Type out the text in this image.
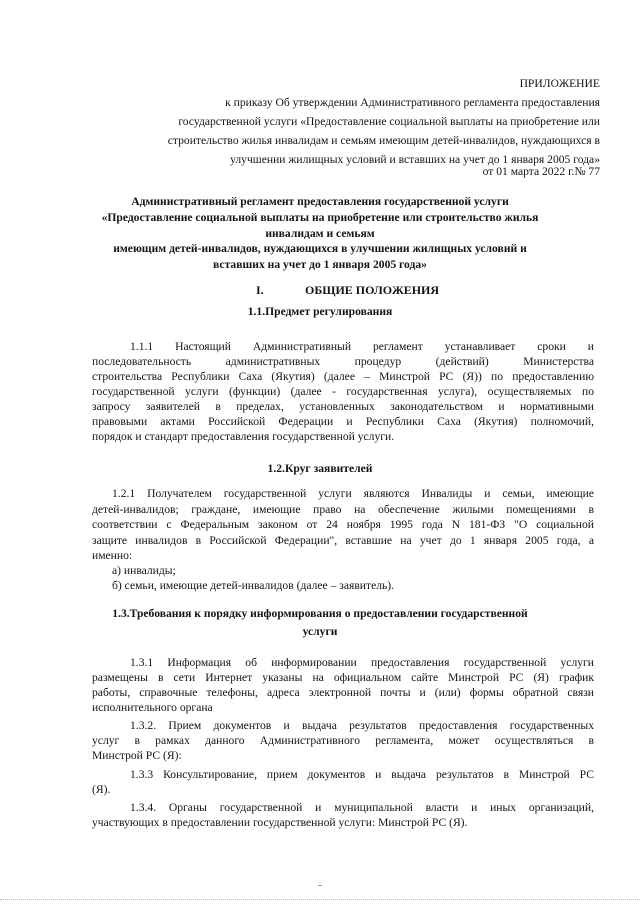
ПРИЛОЖЕНИЕ
к приказу Об утверждении Административного регламента предоставления
государственной услуги «Предоставление социальной выплаты на приобретение или
строительство жилья инвалидам и семьям имеющим детей-инвалидов, нуждающихся в
улучшении жилищных условий и вставших на учет до 1 января 2005 года»
от 01 марта 2022 г.№ 77
Административный регламент предоставления государственной услуги
«Предоставление социальной выплаты на приобретение или строительство жилья
инвалидам и семьям
имеющим детей-инвалидов, нуждающихся в улучшении жилищных условий и
вставших на учет до 1 января 2005 года»
I.	ОБЩИЕ ПОЛОЖЕНИЯ
1.1.Предмет регулирования
1.1.1 Настоящий Административный регламент устанавливает сроки и
последовательность административных процедур (действий) Министерства
строительства Республики Саха (Якутия) (далее – Минстрой РС (Я)) по предоставлению
государственной услуги (функции) (далее - государственная услуга), осуществляемых по
запросу заявителей в пределах, установленных законодательством и нормативными
правовыми актами Российской Федерации и Республики Саха (Якутия) полномочий,
порядок и стандарт предоставления государственной услуги.
1.2.Круг заявителей
1.2.1 Получателем государственной услуги являются Инвалиды и семьи, имеющие
детей-инвалидов; граждане, имеющие право на обеспечение жилыми помещениями в
соответствии с Федеральным законом от 24 ноября 1995 года N 181-ФЗ "О социальной
защите инвалидов в Российской Федерации", вставшие на учет до 1 января 2005 года, а
именно:
а) инвалиды;
б) семьи, имеющие детей-инвалидов (далее – заявитель).
1.3.Требования к порядку информирования о предоставлении государственной
услуги
1.3.1 Информация об информировании предоставления государственной услуги
размещены в сети Интернет указаны на официальном сайте Минстрой РС (Я) график
работы, справочные телефоны, адреса электронной почты и (или) формы обратной связи
исполнительного органа
1.3.2. Прием документов и выдача результатов предоставления государственных
услуг в рамках данного Административного регламента, может осуществляться в
Минстрой РС (Я):
1.3.3 Консультирование, прием документов и выдача результатов в Минстрой РС
(Я).
1.3.4. Органы государственной и муниципальной власти и иных организаций,
участвующих в предоставлении государственной услуги: Минстрой РС (Я).
